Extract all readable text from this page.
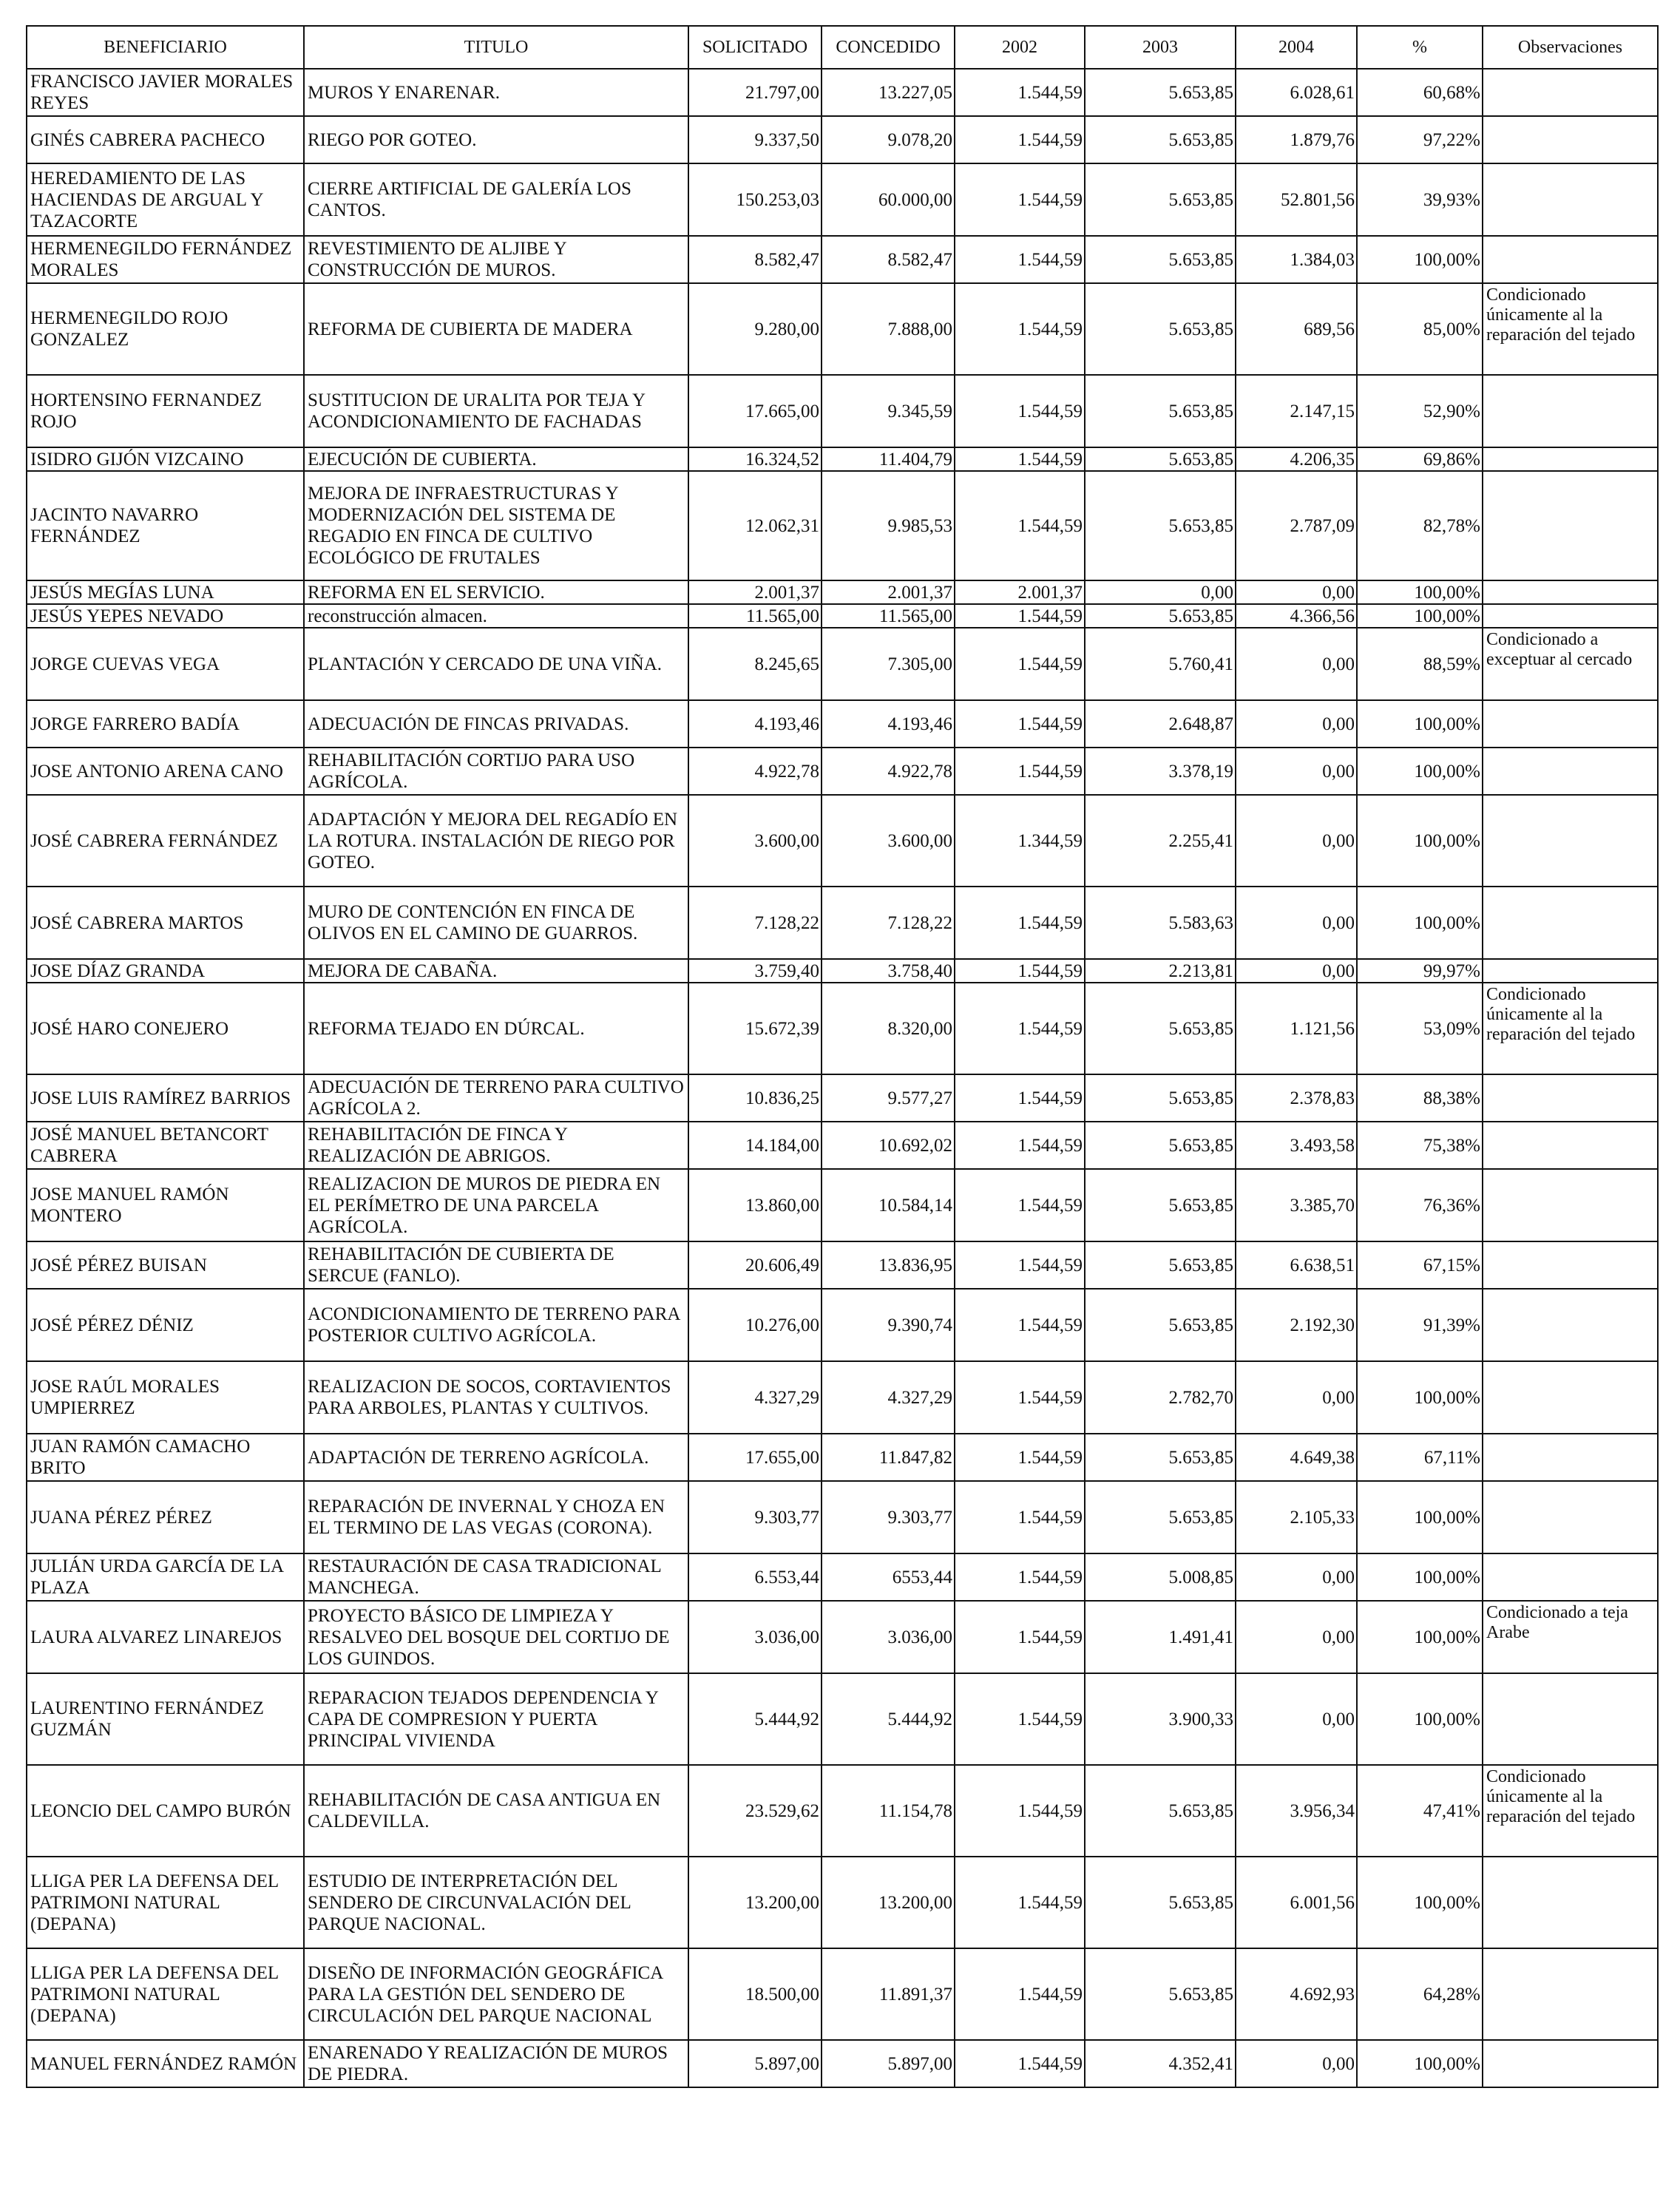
BENEFICIARIO	TITULO	SOLICITADO	CONCEDIDO	2002	2003	2004	%	Observaciones
FRANCISCO JAVIER MORALES REYES	MUROS Y ENARENAR.	21.797,00	13.227,05	1.544,59	5.653,85	6.028,61	60,68%	
GINÉS CABRERA PACHECO	RIEGO POR GOTEO.	9.337,50	9.078,20	1.544,59	5.653,85	1.879,76	97,22%	
HEREDAMIENTO DE LAS HACIENDAS DE ARGUAL Y TAZACORTE	CIERRE ARTIFICIAL DE GALERÍA LOS CANTOS.	150.253,03	60.000,00	1.544,59	5.653,85	52.801,56	39,93%	
HERMENEGILDO FERNÁNDEZ MORALES	REVESTIMIENTO DE ALJIBE Y CONSTRUCCIÓN DE MUROS.	8.582,47	8.582,47	1.544,59	5.653,85	1.384,03	100,00%	
HERMENEGILDO ROJO GONZALEZ	REFORMA DE CUBIERTA DE MADERA	9.280,00	7.888,00	1.544,59	5.653,85	689,56	85,00%	Condicionado únicamente al la reparación del tejado
HORTENSINO FERNANDEZ ROJO	SUSTITUCION DE URALITA POR TEJA Y ACONDICIONAMIENTO DE FACHADAS	17.665,00	9.345,59	1.544,59	5.653,85	2.147,15	52,90%	
ISIDRO GIJÓN VIZCAINO	EJECUCIÓN DE CUBIERTA.	16.324,52	11.404,79	1.544,59	5.653,85	4.206,35	69,86%	
JACINTO NAVARRO FERNÁNDEZ	MEJORA DE INFRAESTRUCTURAS Y MODERNIZACIÓN DEL SISTEMA DE REGADIO EN FINCA DE CULTIVO ECOLÓGICO DE FRUTALES	12.062,31	9.985,53	1.544,59	5.653,85	2.787,09	82,78%	
JESÚS MEGÍAS LUNA	REFORMA EN EL SERVICIO.	2.001,37	2.001,37	2.001,37	0,00	0,00	100,00%	
JESÚS YEPES NEVADO	reconstrucción almacen.	11.565,00	11.565,00	1.544,59	5.653,85	4.366,56	100,00%	
JORGE CUEVAS VEGA	PLANTACIÓN Y CERCADO DE UNA VIÑA.	8.245,65	7.305,00	1.544,59	5.760,41	0,00	88,59%	Condicionado a exceptuar al cercado
JORGE FARRERO BADÍA	ADECUACIÓN DE FINCAS PRIVADAS.	4.193,46	4.193,46	1.544,59	2.648,87	0,00	100,00%	
JOSE ANTONIO ARENA CANO	REHABILITACIÓN CORTIJO PARA USO AGRÍCOLA.	4.922,78	4.922,78	1.544,59	3.378,19	0,00	100,00%	
JOSÉ CABRERA FERNÁNDEZ	ADAPTACIÓN Y MEJORA DEL REGADÍO EN LA ROTURA. INSTALACIÓN DE RIEGO POR GOTEO.	3.600,00	3.600,00	1.344,59	2.255,41	0,00	100,00%	
JOSÉ CABRERA MARTOS	MURO DE CONTENCIÓN EN FINCA DE OLIVOS EN EL CAMINO DE GUARROS.	7.128,22	7.128,22	1.544,59	5.583,63	0,00	100,00%	
JOSE DÍAZ GRANDA	MEJORA DE CABAÑA.	3.759,40	3.758,40	1.544,59	2.213,81	0,00	99,97%	
JOSÉ HARO CONEJERO	REFORMA TEJADO EN DÚRCAL.	15.672,39	8.320,00	1.544,59	5.653,85	1.121,56	53,09%	Condicionado únicamente al la reparación del tejado
JOSE LUIS RAMÍREZ BARRIOS	ADECUACIÓN DE TERRENO PARA CULTIVO AGRÍCOLA 2.	10.836,25	9.577,27	1.544,59	5.653,85	2.378,83	88,38%	
JOSÉ MANUEL BETANCORT CABRERA	REHABILITACIÓN DE FINCA Y REALIZACIÓN DE ABRIGOS.	14.184,00	10.692,02	1.544,59	5.653,85	3.493,58	75,38%	
JOSE MANUEL RAMÓN MONTERO	REALIZACION DE MUROS DE PIEDRA EN EL PERÍMETRO DE UNA PARCELA AGRÍCOLA.	13.860,00	10.584,14	1.544,59	5.653,85	3.385,70	76,36%	
JOSÉ PÉREZ BUISAN	REHABILITACIÓN DE CUBIERTA DE SERCUE (FANLO).	20.606,49	13.836,95	1.544,59	5.653,85	6.638,51	67,15%	
JOSÉ PÉREZ DÉNIZ	ACONDICIONAMIENTO DE TERRENO PARA POSTERIOR CULTIVO AGRÍCOLA.	10.276,00	9.390,74	1.544,59	5.653,85	2.192,30	91,39%	
JOSE RAÚL MORALES UMPIERREZ	REALIZACION DE SOCOS, CORTAVIENTOS PARA ARBOLES, PLANTAS Y CULTIVOS.	4.327,29	4.327,29	1.544,59	2.782,70	0,00	100,00%	
JUAN RAMÓN CAMACHO BRITO	ADAPTACIÓN DE TERRENO AGRÍCOLA.	17.655,00	11.847,82	1.544,59	5.653,85	4.649,38	67,11%	
JUANA PÉREZ PÉREZ	REPARACIÓN DE INVERNAL Y CHOZA EN EL TERMINO DE LAS VEGAS (CORONA).	9.303,77	9.303,77	1.544,59	5.653,85	2.105,33	100,00%	
JULIÁN URDA GARCÍA DE LA PLAZA	RESTAURACIÓN DE CASA TRADICIONAL MANCHEGA.	6.553,44	6553,44	1.544,59	5.008,85	0,00	100,00%	
LAURA ALVAREZ LINAREJOS	PROYECTO BÁSICO DE LIMPIEZA Y RESALVEO DEL BOSQUE DEL CORTIJO DE LOS GUINDOS.	3.036,00	3.036,00	1.544,59	1.491,41	0,00	100,00%	Condicionado a teja Arabe
LAURENTINO FERNÁNDEZ GUZMÁN	REPARACION TEJADOS DEPENDENCIA Y CAPA DE COMPRESION Y PUERTA PRINCIPAL VIVIENDA	5.444,92	5.444,92	1.544,59	3.900,33	0,00	100,00%	
LEONCIO DEL CAMPO BURÓN	REHABILITACIÓN DE CASA ANTIGUA EN CALDEVILLA.	23.529,62	11.154,78	1.544,59	5.653,85	3.956,34	47,41%	Condicionado únicamente al la reparación del tejado
LLIGA PER LA DEFENSA DEL PATRIMONI NATURAL (DEPANA)	ESTUDIO DE INTERPRETACIÓN DEL SENDERO DE CIRCUNVALACIÓN DEL PARQUE NACIONAL.	13.200,00	13.200,00	1.544,59	5.653,85	6.001,56	100,00%	
LLIGA PER LA DEFENSA DEL PATRIMONI NATURAL (DEPANA)	DISEÑO DE INFORMACIÓN GEOGRÁFICA PARA LA GESTIÓN DEL SENDERO DE CIRCULACIÓN DEL PARQUE NACIONAL	18.500,00	11.891,37	1.544,59	5.653,85	4.692,93	64,28%	
MANUEL FERNÁNDEZ RAMÓN	ENARENADO Y REALIZACIÓN DE MUROS DE PIEDRA.	5.897,00	5.897,00	1.544,59	4.352,41	0,00	100,00%	
